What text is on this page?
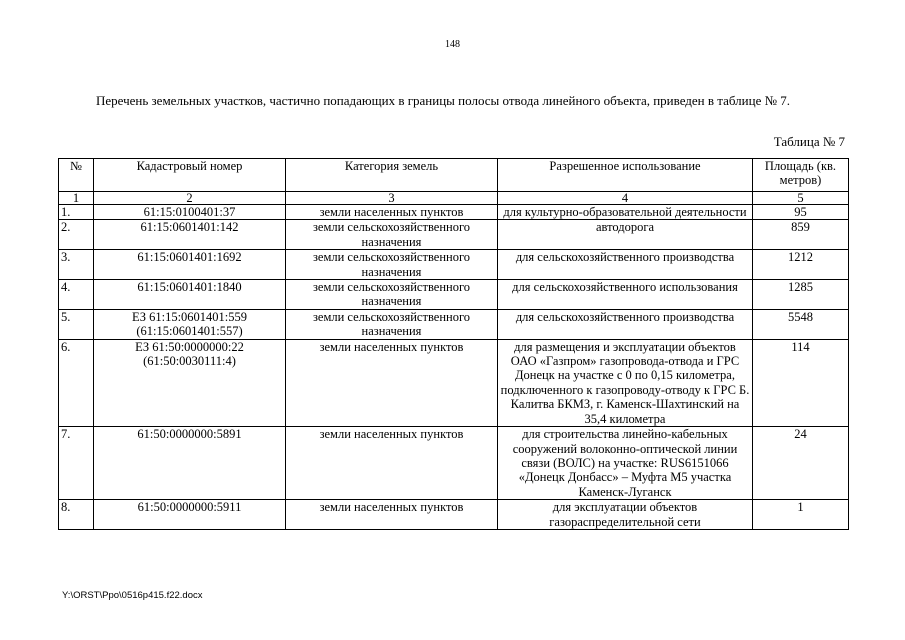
148

Перечень земельных участков, частично попадающих в границы полосы отвода линейного объекта, приведен в таблице № 7.

Таблица № 7
№	Кадастровый номер	Категория земель	Разрешенное использование	Площадь (кв. метров)
1	2	3	4	5
1.	61:15:0100401:37	земли населенных пунктов	для культурно-образовательной деятельности	95
2.	61:15:0601401:142	земли сельскохозяйственного назначения	автодорога	859
3.	61:15:0601401:1692	земли сельскохозяйственного назначения	для сельскохозяйственного производства	1212
4.	61:15:0601401:1840	земли сельскохозяйственного назначения	для сельскохозяйственного использования	1285
5.	ЕЗ 61:15:0601401:559 (61:15:0601401:557)	земли сельскохозяйственного назначения	для сельскохозяйственного производства	5548
6.	ЕЗ 61:50:0000000:22 (61:50:0030111:4)	земли населенных пунктов	для размещения и эксплуатации объектов ОАО «Газпром» газопровода-отвода и ГРС Донецк на участке с 0 по 0,15 километра, подключенного к газопроводу-отводу к ГРС Б. Калитва БКМЗ, г. Каменск-Шахтинский на 35,4 километра	114
7.	61:50:0000000:5891	земли населенных пунктов	для строительства линейно-кабельных сооружений волоконно-оптической линии связи (ВОЛС) на участке: RUS6151066 «Донецк Донбасс» – Муфта М5 участка Каменск-Луганск	24
8.	61:50:0000000:5911	земли населенных пунктов	для эксплуатации объектов газораспределительной сети	1
Y:\ORST\Ppo\0516p415.f22.docx
